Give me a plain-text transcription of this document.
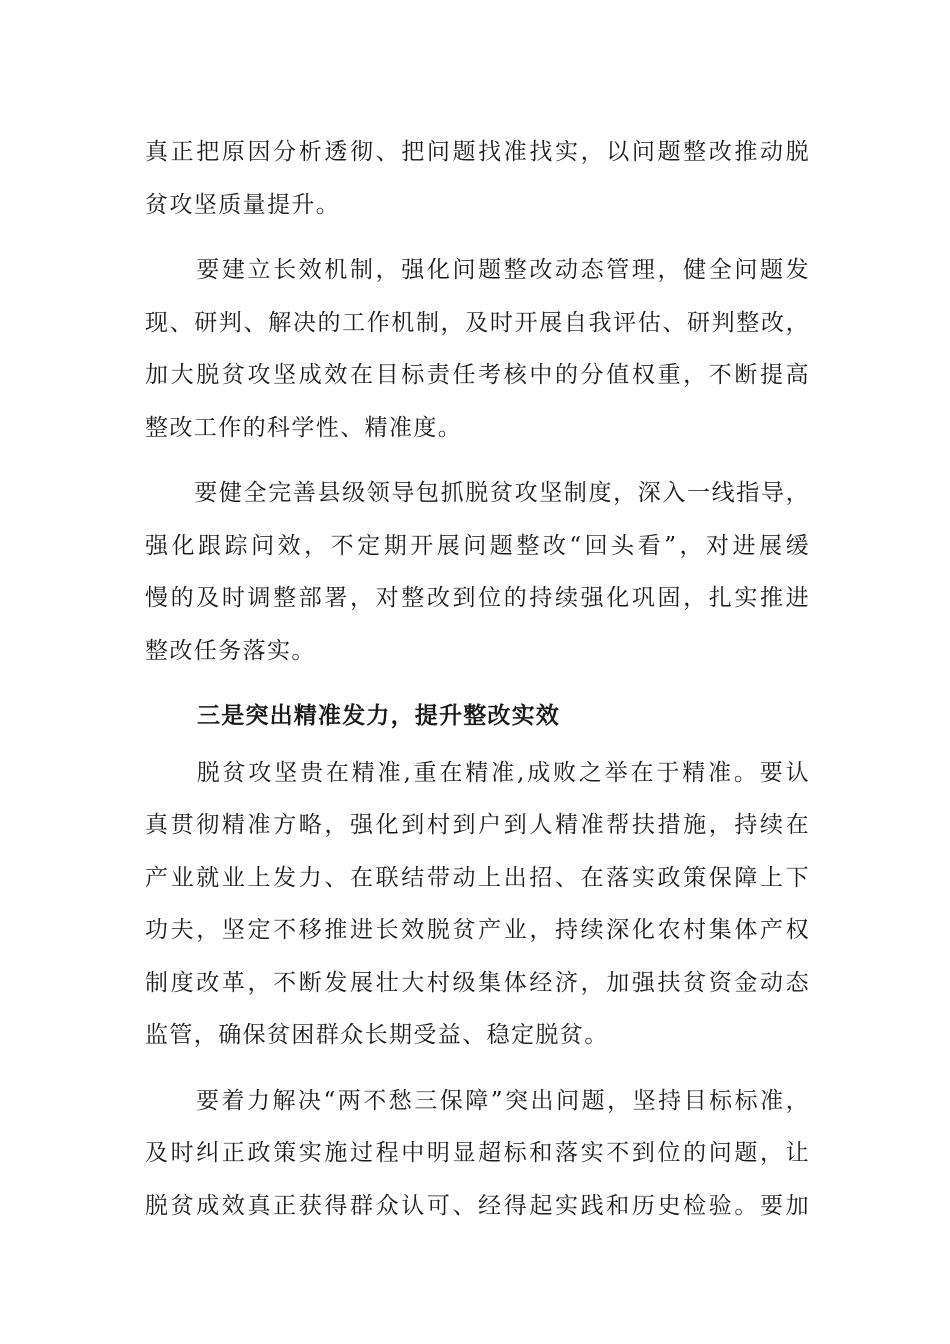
真正把原因分析透彻、把问题找准找实，以问题整改推动脱
贫攻坚质量提升。

　　要建立长效机制，强化问题整改动态管理，健全问题发
现、研判、解决的工作机制，及时开展自我评估、研判整改，
加大脱贫攻坚成效在目标责任考核中的分值权重，不断提高
整改工作的科学性、精准度。

　　要健全完善县级领导包抓脱贫攻坚制度，深入一线指导，
强化跟踪问效，不定期开展问题整改“回头看”，对进展缓
慢的及时调整部署，对整改到位的持续强化巩固，扎实推进
整改任务落实。

三是突出精准发力，提升整改实效

　　脱贫攻坚贵在精准,重在精准,成败之举在于精准。要认
真贯彻精准方略，强化到村到户到人精准帮扶措施，持续在
产业就业上发力、在联结带动上出招、在落实政策保障上下
功夫，坚定不移推进长效脱贫产业，持续深化农村集体产权
制度改革，不断发展壮大村级集体经济，加强扶贫资金动态
监管，确保贫困群众长期受益、稳定脱贫。

　　要着力解决“两不愁三保障”突出问题，坚持目标标准，
及时纠正政策实施过程中明显超标和落实不到位的问题，让
脱贫成效真正获得群众认可、经得起实践和历史检验。要加
